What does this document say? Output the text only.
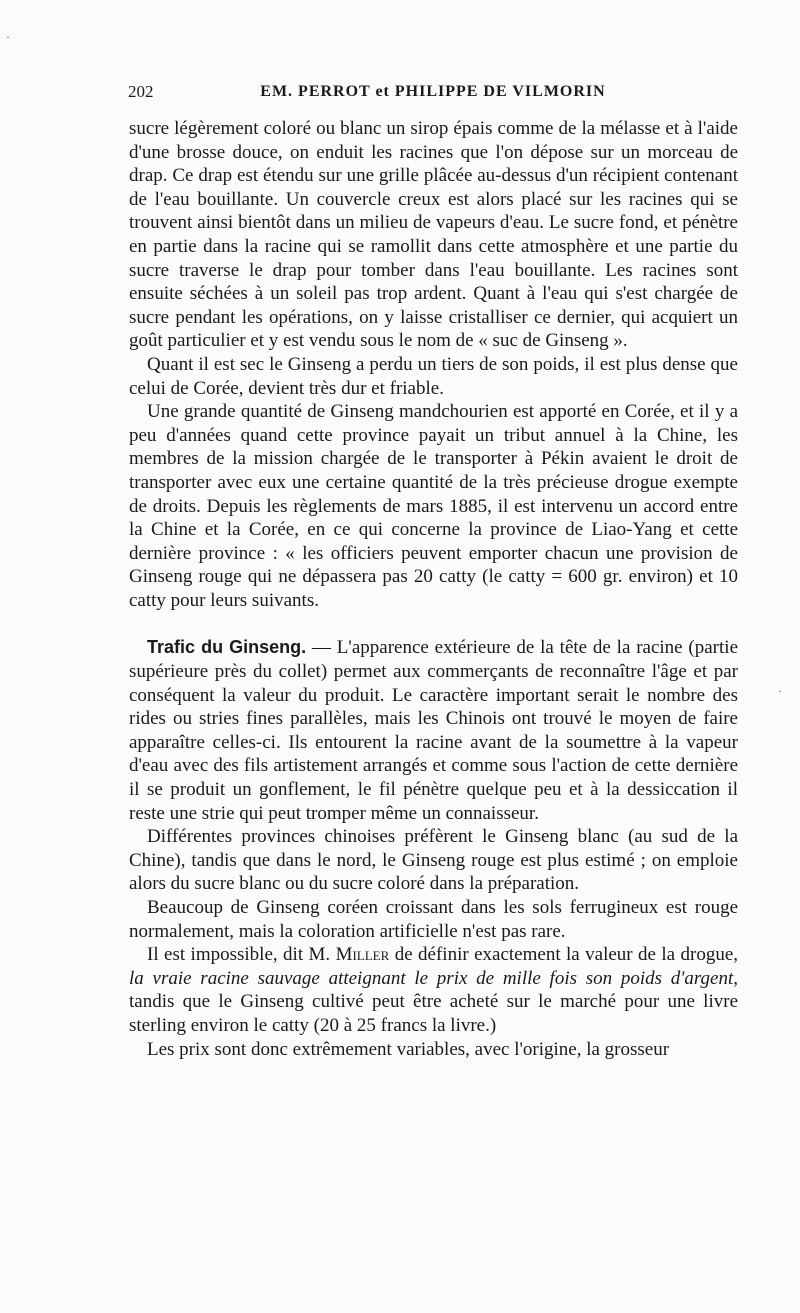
202	EM. PERROT et PHILIPPE DE VILMORIN

sucre légèrement coloré ou blanc un sirop épais comme de la mélasse et à l'aide d'une brosse douce, on enduit les racines que l'on dépose sur un morceau de drap. Ce drap est étendu sur une grille plâcée au-dessus d'un récipient contenant de l'eau bouillante. Un couvercle creux est alors placé sur les racines qui se trouvent ainsi bientôt dans un milieu de vapeurs d'eau. Le sucre fond, et pénètre en partie dans la racine qui se ramollit dans cette atmosphère et une partie du sucre traverse le drap pour tomber dans l'eau bouillante. Les racines sont ensuite séchées à un soleil pas trop ardent. Quant à l'eau qui s'est chargée de sucre pendant les opérations, on y laisse cristalliser ce dernier, qui acquiert un goût particulier et y est vendu sous le nom de « suc de Ginseng ».

Quant il est sec le Ginseng a perdu un tiers de son poids, il est plus dense que celui de Corée, devient très dur et friable.

Une grande quantité de Ginseng mandchourien est apporté en Corée, et il y a peu d'années quand cette province payait un tribut annuel à la Chine, les membres de la mission chargée de le transporter à Pékin avaient le droit de transporter avec eux une certaine quantité de la très précieuse drogue exempte de droits. Depuis les règlements de mars 1885, il est intervenu un accord entre la Chine et la Corée, en ce qui concerne la province de Liao-Yang et cette dernière province : « les officiers peuvent emporter chacun une provision de Ginseng rouge qui ne dépassera pas 20 catty (le catty = 600 gr. environ) et 10 catty pour leurs suivants.

Trafic du Ginseng. — L'apparence extérieure de la tête de la racine (partie supérieure près du collet) permet aux commerçants de reconnaître l'âge et par conséquent la valeur du produit. Le caractère important serait le nombre des rides ou stries fines parallèles, mais les Chinois ont trouvé le moyen de faire apparaître celles-ci. Ils entourent la racine avant de la soumettre à la vapeur d'eau avec des fils artistement arrangés et comme sous l'action de cette dernière il se produit un gonflement, le fil pénètre quelque peu et à la dessiccation il reste une strie qui peut tromper même un connaisseur.

Différentes provinces chinoises préfèrent le Ginseng blanc (au sud de la Chine), tandis que dans le nord, le Ginseng rouge est plus estimé ; on emploie alors du sucre blanc ou du sucre coloré dans la préparation.

Beaucoup de Ginseng coréen croissant dans les sols ferrugineux est rouge normalement, mais la coloration artificielle n'est pas rare.

Il est impossible, dit M. Miller de définir exactement la valeur de la drogue, la vraie racine sauvage atteignant le prix de mille fois son poids d'argent, tandis que le Ginseng cultivé peut être acheté sur le marché pour une livre sterling environ le catty (20 à 25 francs la livre.)

Les prix sont donc extrêmement variables, avec l'origine, la grosseur

·
·
